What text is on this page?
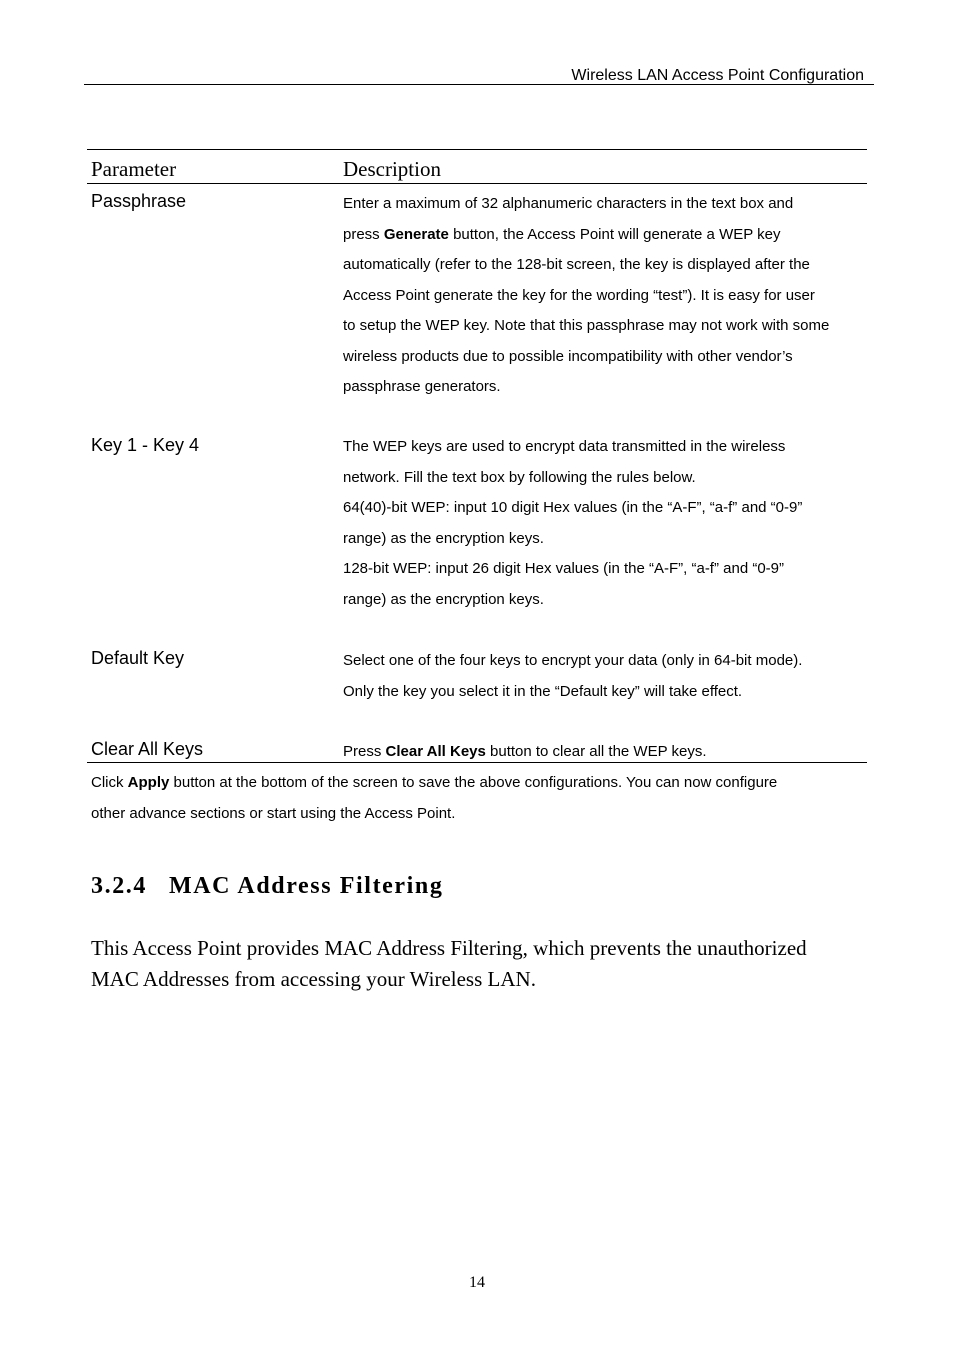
Wireless LAN Access Point Configuration
Parameter	Description
Passphrase	Enter a maximum of 32 alphanumeric characters in the text box and
press Generate button, the Access Point will generate a WEP key
automatically (refer to the 128-bit screen, the key is displayed after the
Access Point generate the key for the wording “test”). It is easy for user
to setup the WEP key. Note that this passphrase may not work with some
wireless products due to possible incompatibility with other vendor’s
passphrase generators.
Key 1 - Key 4	The WEP keys are used to encrypt data transmitted in the wireless
network. Fill the text box by following the rules below.
64(40)-bit WEP: input 10 digit Hex values (in the “A-F”, “a-f” and “0-9”
range) as the encryption keys.
128-bit WEP: input 26 digit Hex values (in the “A-F”, “a-f” and “0-9”
range) as the encryption keys.
Default Key	Select one of the four keys to encrypt your data (only in 64-bit mode).
Only the key you select it in the “Default key” will take effect.
Clear All Keys	Press Clear All Keys button to clear all the WEP keys.
Click Apply button at the bottom of the screen to save the above configurations. You can now configure
other advance sections or start using the Access Point.
3.2.4 MAC Address Filtering
This Access Point provides MAC Address Filtering, which prevents the unauthorized
MAC Addresses from accessing your Wireless LAN.
14
